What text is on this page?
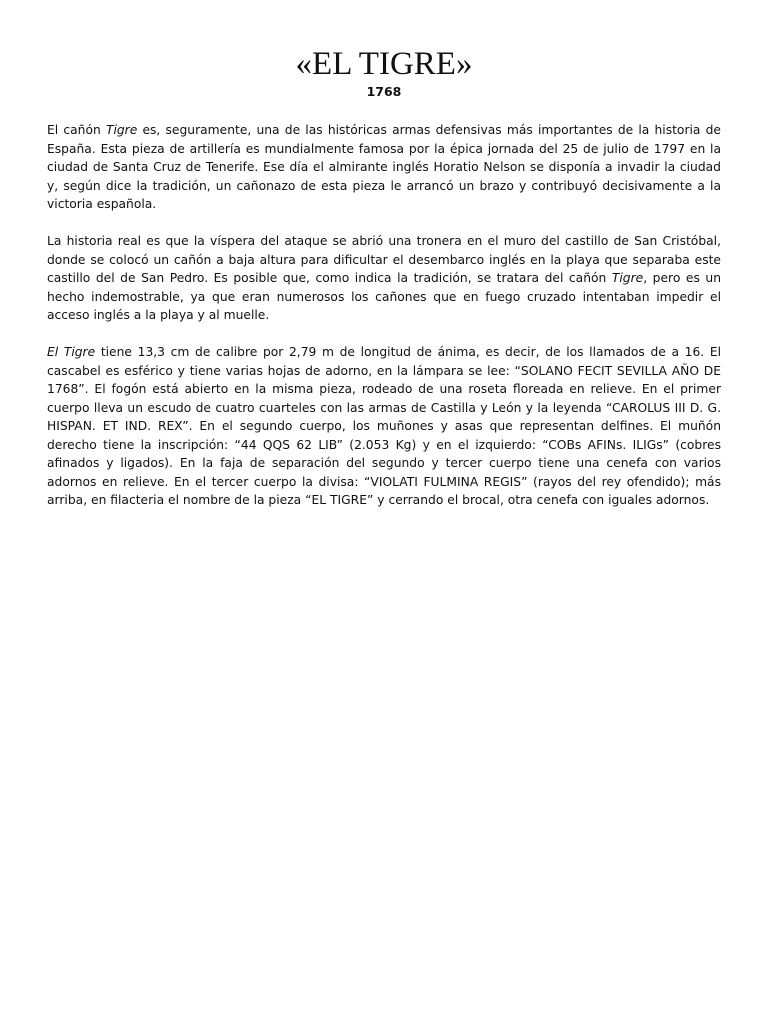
«EL TIGRE»
1768

El cañón Tigre es, seguramente, una de las históricas armas defensivas más importantes de la historia de España. Esta pieza de artillería es mundialmente famosa por la épica jornada del 25 de julio de 1797 en la ciudad de Santa Cruz de Tenerife. Ese día el almirante inglés Horatio Nelson se disponía a invadir la ciudad y, según dice la tradición, un cañonazo de esta pieza le arrancó un brazo y contribuyó decisivamente a la victoria española.

La historia real es que la víspera del ataque se abrió una tronera en el muro del castillo de San Cristóbal, donde se colocó un cañón a baja altura para dificultar el desembarco inglés en la playa que separaba este castillo del de San Pedro. Es posible que, como indica la tradición, se tratara del cañón Tigre, pero es un hecho indemostrable, ya que eran numerosos los cañones que en fuego cruzado intentaban impedir el acceso inglés a la playa y al muelle.

El Tigre tiene 13,3 cm de calibre por 2,79 m de longitud de ánima, es decir, de los llamados de a 16. El cascabel es esférico y tiene varias hojas de adorno, en la lámpara se lee: “SOLANO FECIT SEVILLA AÑO DE 1768”. El fogón está abierto en la misma pieza, rodeado de una roseta floreada en relieve. En el primer cuerpo lleva un escudo de cuatro cuarteles con las armas de Castilla y León y la leyenda “CAROLUS III D. G. HISPAN. ET IND. REX”. En el segundo cuerpo, los muñones y asas que representan delfines. El muñón derecho tiene la inscripción: “44 QQS 62 LIB” (2.053 Kg) y en el izquierdo: “COBs AFINs. ILIGs” (cobres afinados y ligados). En la faja de separación del segundo y tercer cuerpo tiene una cenefa con varios adornos en relieve. En el tercer cuerpo la divisa: “VIOLATI FULMINA REGIS” (rayos del rey ofendido); más arriba, en filacteria el nombre de la pieza “EL TIGRE” y cerrando el brocal, otra cenefa con iguales adornos.
